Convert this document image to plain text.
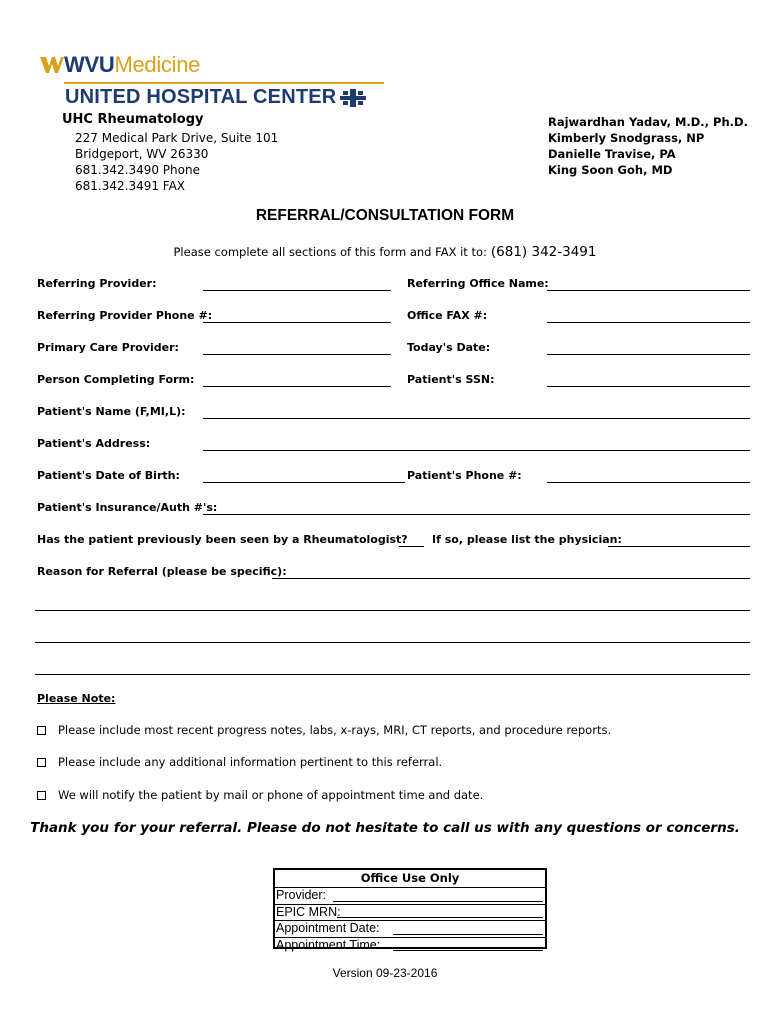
WVUMedicine
UNITED HOSPITAL CENTER
UHC Rheumatology
227 Medical Park Drive, Suite 101
Bridgeport, WV 26330
681.342.3490 Phone
681.342.3491 FAX
Rajwardhan Yadav, M.D., Ph.D.
Kimberly Snodgrass, NP
Danielle Travise, PA
King Soon Goh, MD
REFERRAL/CONSULTATION FORM
Please complete all sections of this form and FAX it to: (681) 342-3491
Referring Provider:	Referring Office Name:
Referring Provider Phone #:	Office FAX #:
Primary Care Provider:	Today's Date:
Person Completing Form:	Patient's SSN:
Patient's Name (F,MI,L):
Patient's Address:
Patient's Date of Birth:	Patient's Phone #:
Patient's Insurance/Auth #'s:
Has the patient previously been seen by a Rheumatologist? If so, please list the physician:
Reason for Referral (please be specific):
Please Note:
Please include most recent progress notes, labs, x-rays, MRI, CT reports, and procedure reports.
Please include any additional information pertinent to this referral.
We will notify the patient by mail or phone of appointment time and date.
Thank you for your referral. Please do not hesitate to call us with any questions or concerns.
Office Use Only
Provider:
EPIC MRN:
Appointment Date:
Appointment Time:
Version 09-23-2016
